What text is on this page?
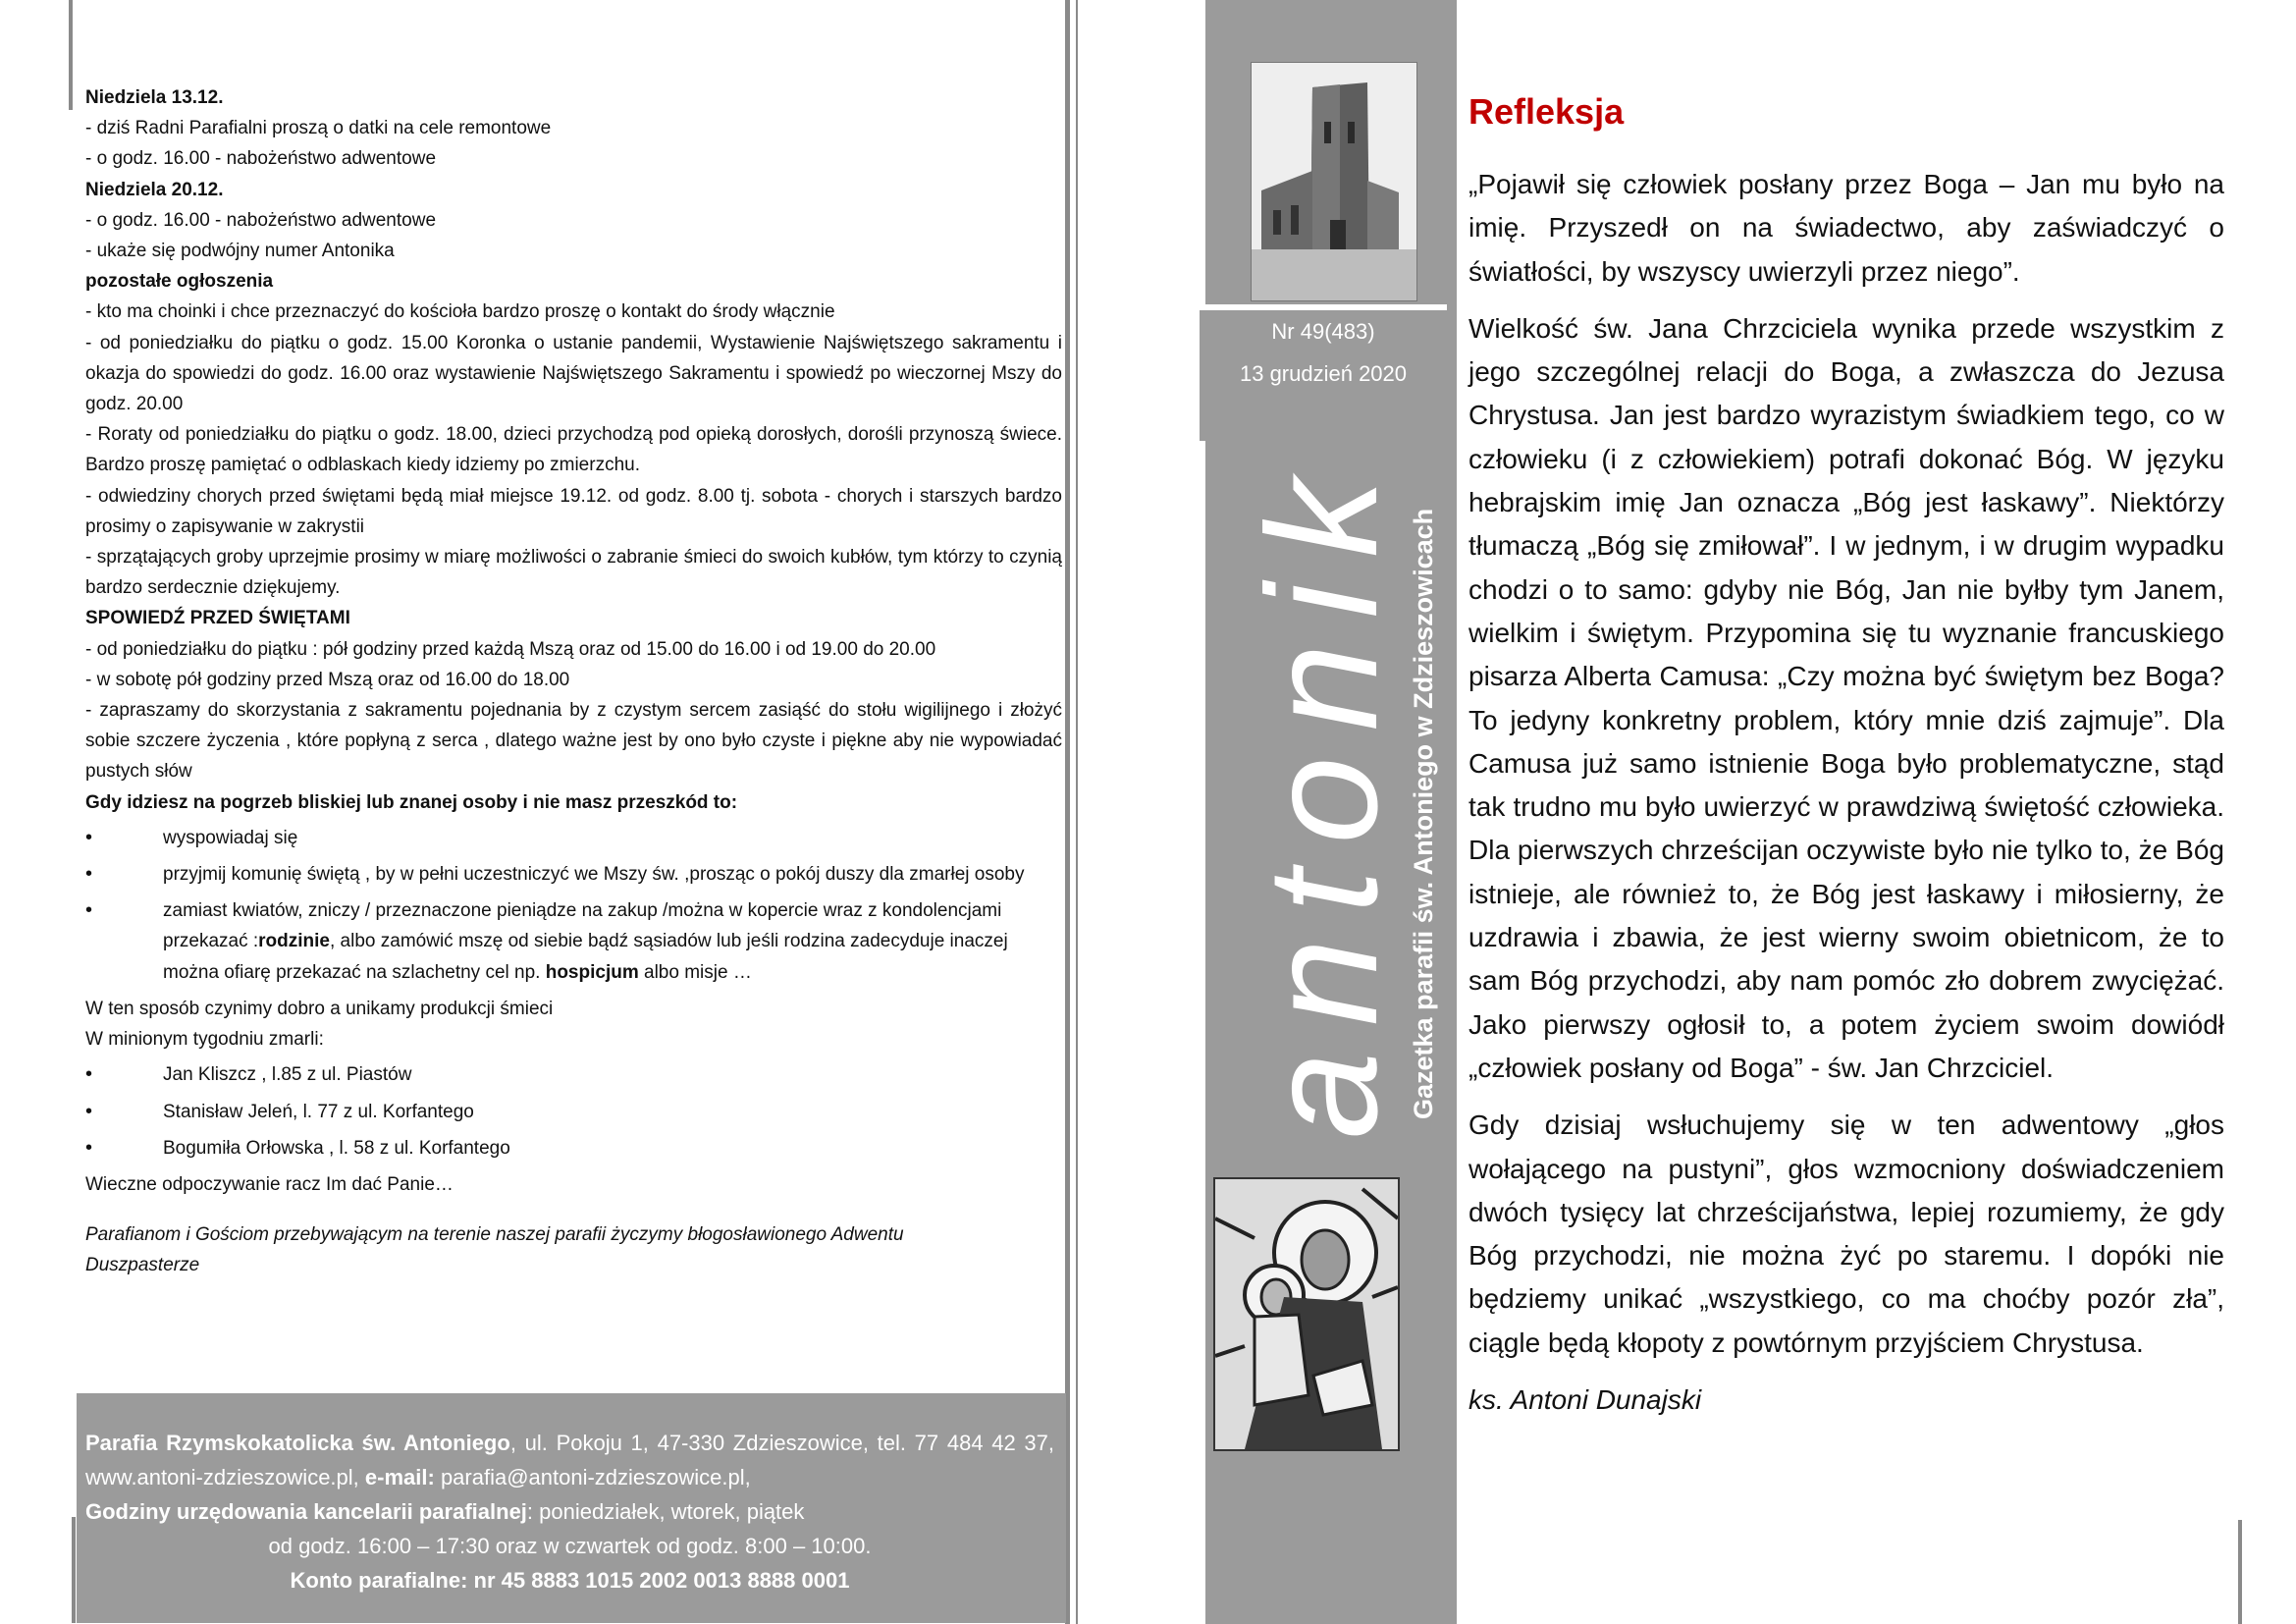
Niedziela 13.12.

- dziś Radni Parafialni proszą o datki na cele remontowe

- o godz. 16.00 - nabożeństwo adwentowe

Niedziela 20.12.

- o godz. 16.00 - nabożeństwo adwentowe

- ukaże się podwójny numer Antonika

pozostałe ogłoszenia

- kto ma choinki i chce przeznaczyć do kościoła bardzo proszę o kontakt do środy włącznie

- od poniedziałku do piątku o godz. 15.00 Koronka o ustanie pandemii, Wystawienie Najświętszego sakramentu i okazja do spowiedzi do godz. 16.00 oraz wystawienie Najświętszego Sakramentu i spowiedź po wieczornej Mszy do godz. 20.00

- Roraty od poniedziałku do piątku o godz. 18.00, dzieci przychodzą pod opieką dorosłych, dorośli przynoszą świece. Bardzo proszę pamiętać o odblaskach kiedy idziemy po zmierzchu.

- odwiedziny chorych przed świętami będą miał miejsce 19.12. od godz. 8.00 tj. sobota - chorych i starszych bardzo prosimy o zapisywanie w zakrystii

- sprzątających groby uprzejmie prosimy w miarę możliwości o zabranie śmieci do swoich kubłów, tym którzy to czynią bardzo serdecznie dziękujemy.

SPOWIEDŹ PRZED ŚWIĘTAMI

- od poniedziałku do piątku : pół godziny przed każdą Mszą oraz od 15.00 do 16.00 i od 19.00 do 20.00

- w sobotę pół godziny przed Mszą oraz od 16.00 do 18.00

- zapraszamy do skorzystania z sakramentu pojednania by z czystym sercem zasiąść do stołu wigilijnego i złożyć sobie szczere życzenia , które popłyną z serca , dlatego ważne jest by ono było czyste i piękne aby nie wypowiadać pustych słów

Gdy idziesz na pogrzeb bliskiej lub znanej osoby i nie masz przeszkód to:

•	wyspowiadaj się
•	przyjmij komunię świętą , by w pełni uczestniczyć we Mszy św. ,prosząc o pokój duszy dla zmarłej osoby
•	zamiast kwiatów, zniczy / przeznaczone pieniądze na zakup /można w kopercie wraz z kondolencjami przekazać :rodzinie, albo zamówić mszę od siebie bądź sąsiadów lub jeśli rodzina zadecyduje inaczej można ofiarę przekazać na szlachetny cel np. hospicjum albo misje …

W ten sposób czynimy dobro a unikamy produkcji śmieci

W minionym tygodniu zmarli:

•	Jan Kliszcz , l.85 z ul. Piastów
•	Stanisław Jeleń, l. 77 z ul. Korfantego
•	Bogumiła Orłowska , l. 58 z ul. Korfantego

Wieczne odpoczywanie racz Im dać Panie…

Parafianom i Gościom przebywającym na terenie naszej parafii życzymy błogosławionego Adwentu

Duszpasterze

Parafia Rzymskokatolicka św. Antoniego, ul. Pokoju 1, 47-330 Zdzieszowice, tel. 77 484 42 37, www.antoni-zdzieszowice.pl, e-mail: parafia@antoni-zdzieszowice.pl,

Godziny urzędowania kancelarii parafialnej: poniedziałek, wtorek, piątek

od godz. 16:00 – 17:30 oraz w czwartek od godz. 8:00 – 10:00.

Konto parafialne: nr 45 8883 1015 2002 0013 8888 0001

Nr 49(483)
13 grudzień 2020
antonik Gazetka parafii św. Antoniego w Zdzieszowicach
Refleksja

„Pojawił się człowiek posłany przez Boga – Jan mu było na imię. Przyszedł on na świadectwo, aby zaświadczyć o światłości, by wszyscy uwierzyli przez niego”.

Wielkość św. Jana Chrzciciela wynika przede wszystkim z jego szczególnej relacji do Boga, a zwłaszcza do Jezusa Chrystusa. Jan jest bardzo wyrazistym świadkiem tego, co w człowieku (i z człowiekiem) potrafi dokonać Bóg. W języku hebrajskim imię Jan oznacza „Bóg jest łaskawy”. Niektórzy tłumaczą „Bóg się zmiłował”. I w jednym, i w drugim wypadku chodzi o to samo: gdyby nie Bóg, Jan nie byłby tym Janem, wielkim i świętym. Przypomina się tu wyznanie francuskiego pisarza Alberta Camusa: „Czy można być świętym bez Boga? To jedyny konkretny problem, który mnie dziś zajmuje”. Dla Camusa już samo istnienie Boga było problematyczne, stąd tak trudno mu było uwierzyć w prawdziwą świętość człowieka. Dla pierwszych chrześcijan oczywiste było nie tylko to, że Bóg istnieje, ale również to, że Bóg jest łaskawy i miłosierny, że uzdrawia i zbawia, że jest wierny swoim obietnicom, że to sam Bóg przychodzi, aby nam pomóc zło dobrem zwyciężać. Jako pierwszy ogłosił to, a potem życiem swoim dowiódł „człowiek posłany od Boga” - św. Jan Chrzciciel.

Gdy dzisiaj wsłuchujemy się w ten adwentowy „głos wołającego na pustyni”, głos wzmocniony doświadczeniem dwóch tysięcy lat chrześcijaństwa, lepiej rozumiemy, że gdy Bóg przychodzi, nie można żyć po staremu. I dopóki nie będziemy unikać „wszystkiego, co ma choćby pozór zła”, ciągle będą kłopoty z powtórnym przyjściem Chrystusa.

ks. Antoni Dunajski
